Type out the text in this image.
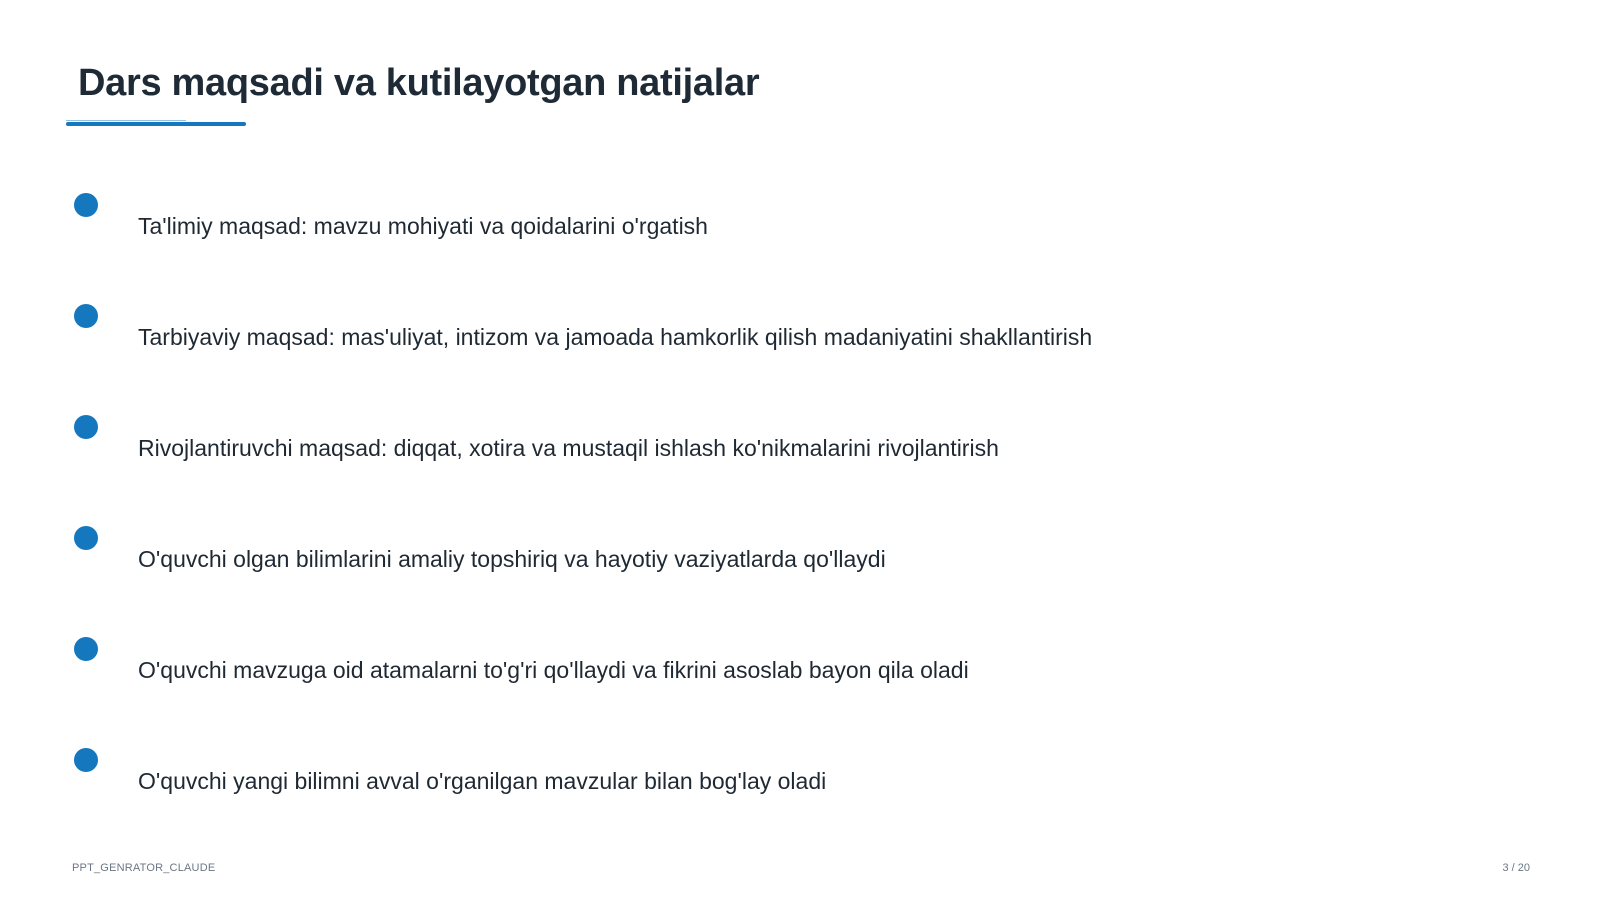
Dars maqsadi va kutilayotgan natijalar
Ta'limiy maqsad: mavzu mohiyati va qoidalarini o'rgatish
Tarbiyaviy maqsad: mas'uliyat, intizom va jamoada hamkorlik qilish madaniyatini shakllantirish
Rivojlantiruvchi maqsad: diqqat, xotira va mustaqil ishlash ko'nikmalarini rivojlantirish
O'quvchi olgan bilimlarini amaliy topshiriq va hayotiy vaziyatlarda qo'llaydi
O'quvchi mavzuga oid atamalarni to'g'ri qo'llaydi va fikrini asoslab bayon qila oladi
O'quvchi yangi bilimni avval o'rganilgan mavzular bilan bog'lay oladi
PPT_GENRATOR_CLAUDE	3 / 20
